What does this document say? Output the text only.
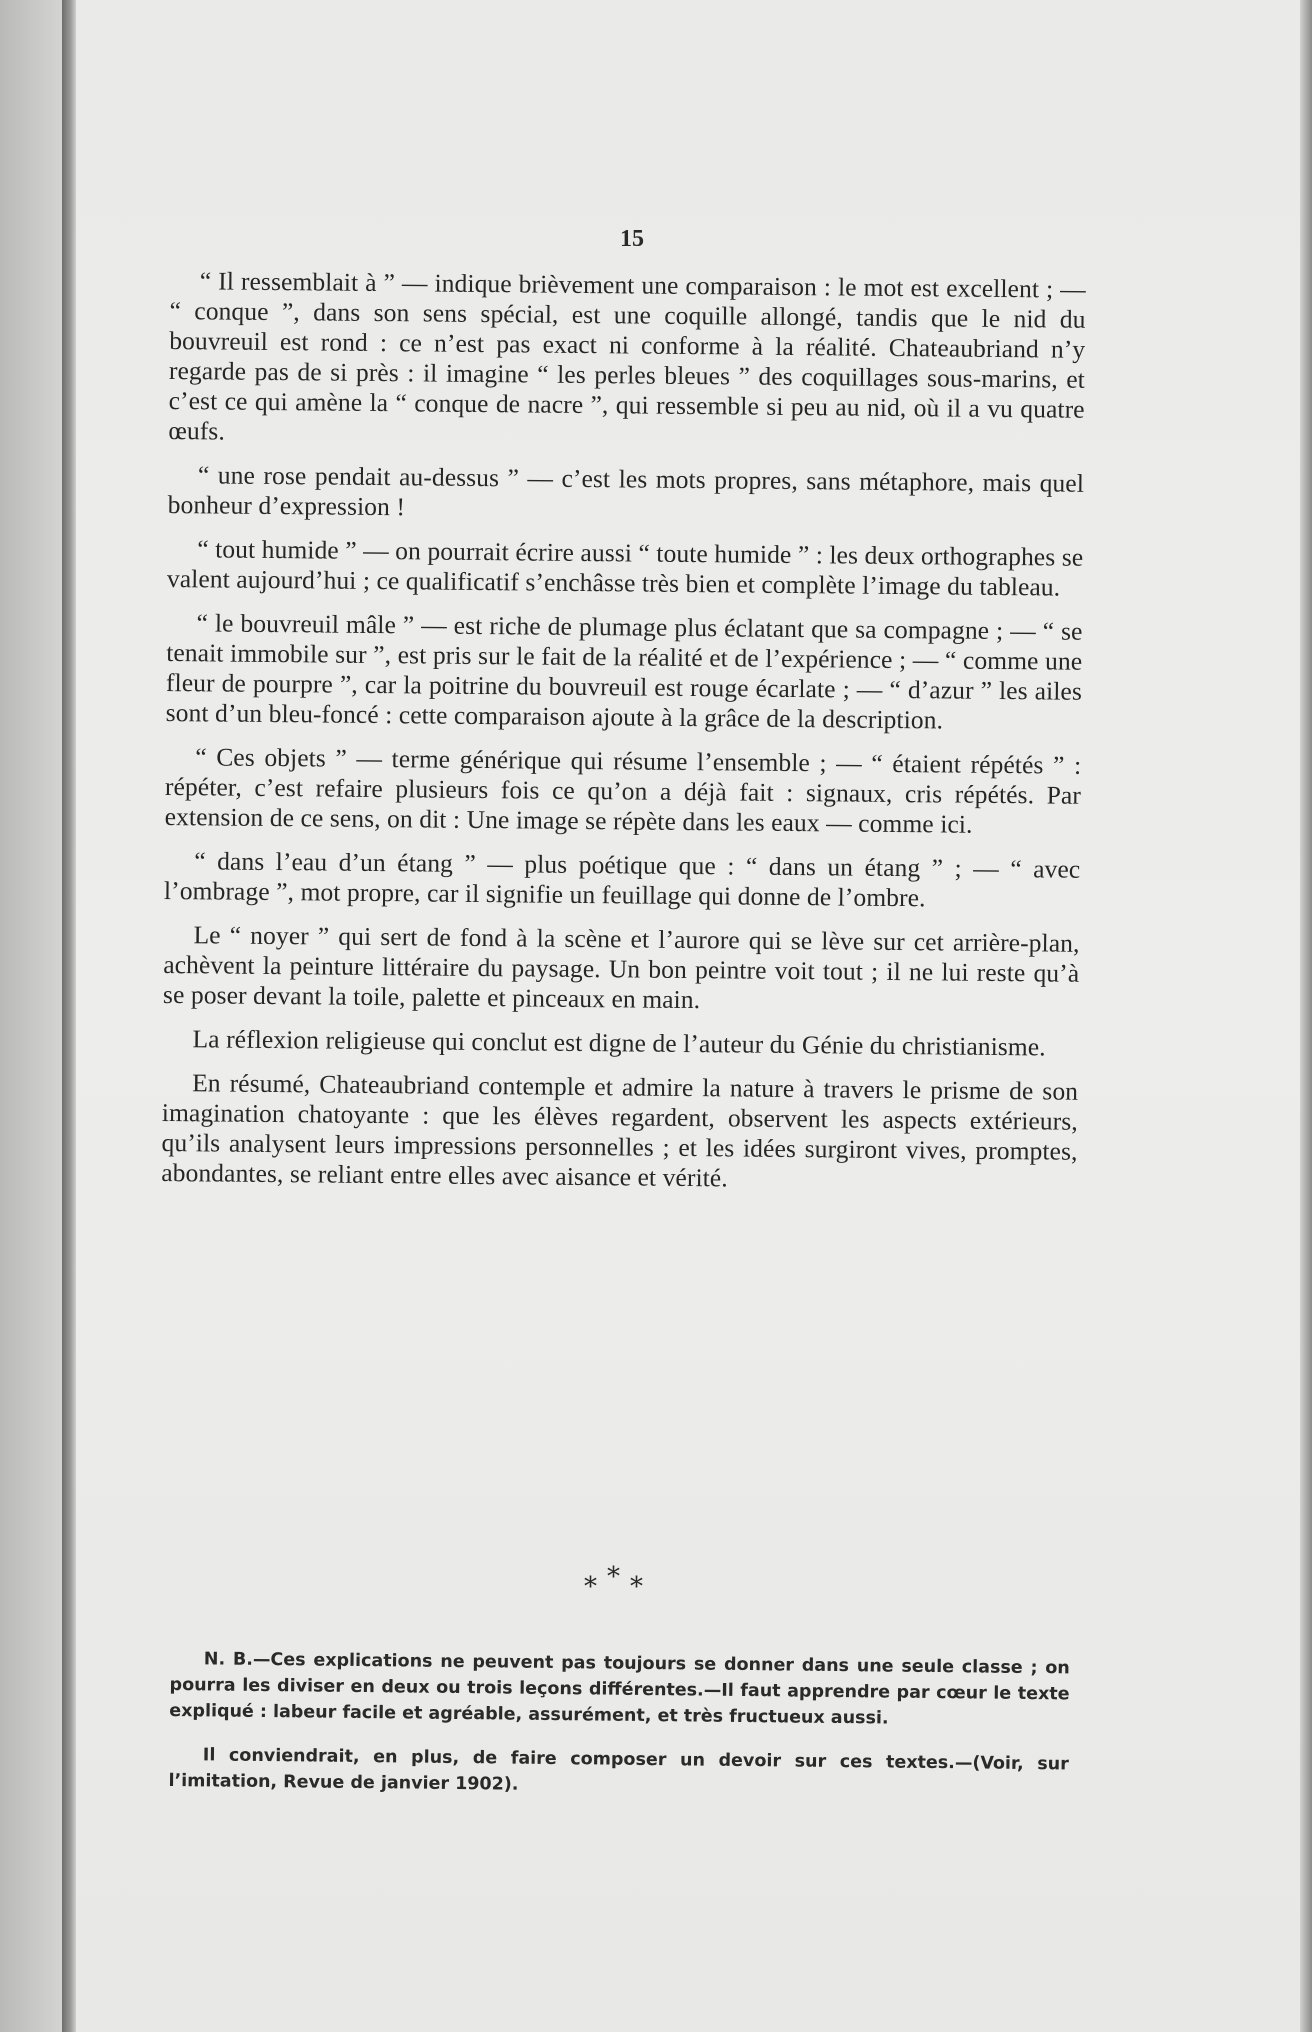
15

“ Il ressemblait à ” — indique brièvement une comparaison : le mot est excellent ; — “ conque ”, dans son sens spécial, est une coquille allongé, tandis que le nid du bouvreuil est rond : ce n’est pas exact ni conforme à la réalité. Chateaubriand n’y regarde pas de si près : il imagine “ les perles bleues ” des coquillages sous-marins, et c’est ce qui amène la “ conque de nacre ”, qui ressemble si peu au nid, où il a vu quatre œufs.

“ une rose pendait au-dessus ” — c’est les mots propres, sans métaphore, mais quel bonheur d’expression !

“ tout humide ” — on pourrait écrire aussi “ toute humide ” : les deux orthographes se valent aujourd’hui ; ce qualificatif s’enchâsse très bien et complète l’image du tableau.

“ le bouvreuil mâle ” — est riche de plumage plus éclatant que sa compagne ; — “ se tenait immobile sur ”, est pris sur le fait de la réalité et de l’expérience ; — “ comme une fleur de pourpre ”, car la poitrine du bouvreuil est rouge écarlate ; — “ d’azur ” les ailes sont d’un bleu-foncé : cette comparaison ajoute à la grâce de la description.

“ Ces objets ” — terme générique qui résume l’ensemble ; — “ étaient répétés ” : répéter, c’est refaire plusieurs fois ce qu’on a déjà fait : signaux, cris répétés. Par extension de ce sens, on dit : Une image se répète dans les eaux — comme ici.

“ dans l’eau d’un étang ” — plus poétique que : “ dans un étang ” ; — “ avec l’ombrage ”, mot propre, car il signifie un feuillage qui donne de l’ombre.

Le “ noyer ” qui sert de fond à la scène et l’aurore qui se lève sur cet arrière-plan, achèvent la peinture littéraire du paysage. Un bon peintre voit tout ; il ne lui reste qu’à se poser devant la toile, palette et pinceaux en main.

La réflexion religieuse qui conclut est digne de l’auteur du Génie du christianisme.

En résumé, Chateaubriand contemple et admire la nature à travers le prisme de son imagination chatoyante : que les élèves regardent, observent les aspects extérieurs, qu’ils analysent leurs impressions personnelles ; et les idées surgiront vives, promptes, abondantes, se reliant entre elles avec aisance et vérité.

***

N. B.—Ces explications ne peuvent pas toujours se donner dans une seule classe ; on pourra les diviser en deux ou trois leçons différentes.—Il faut apprendre par cœur le texte expliqué : labeur facile et agréable, assurément, et très fructueux aussi.

Il conviendrait, en plus, de faire composer un devoir sur ces textes.—(Voir, sur l’imitation, Revue de janvier 1902).
